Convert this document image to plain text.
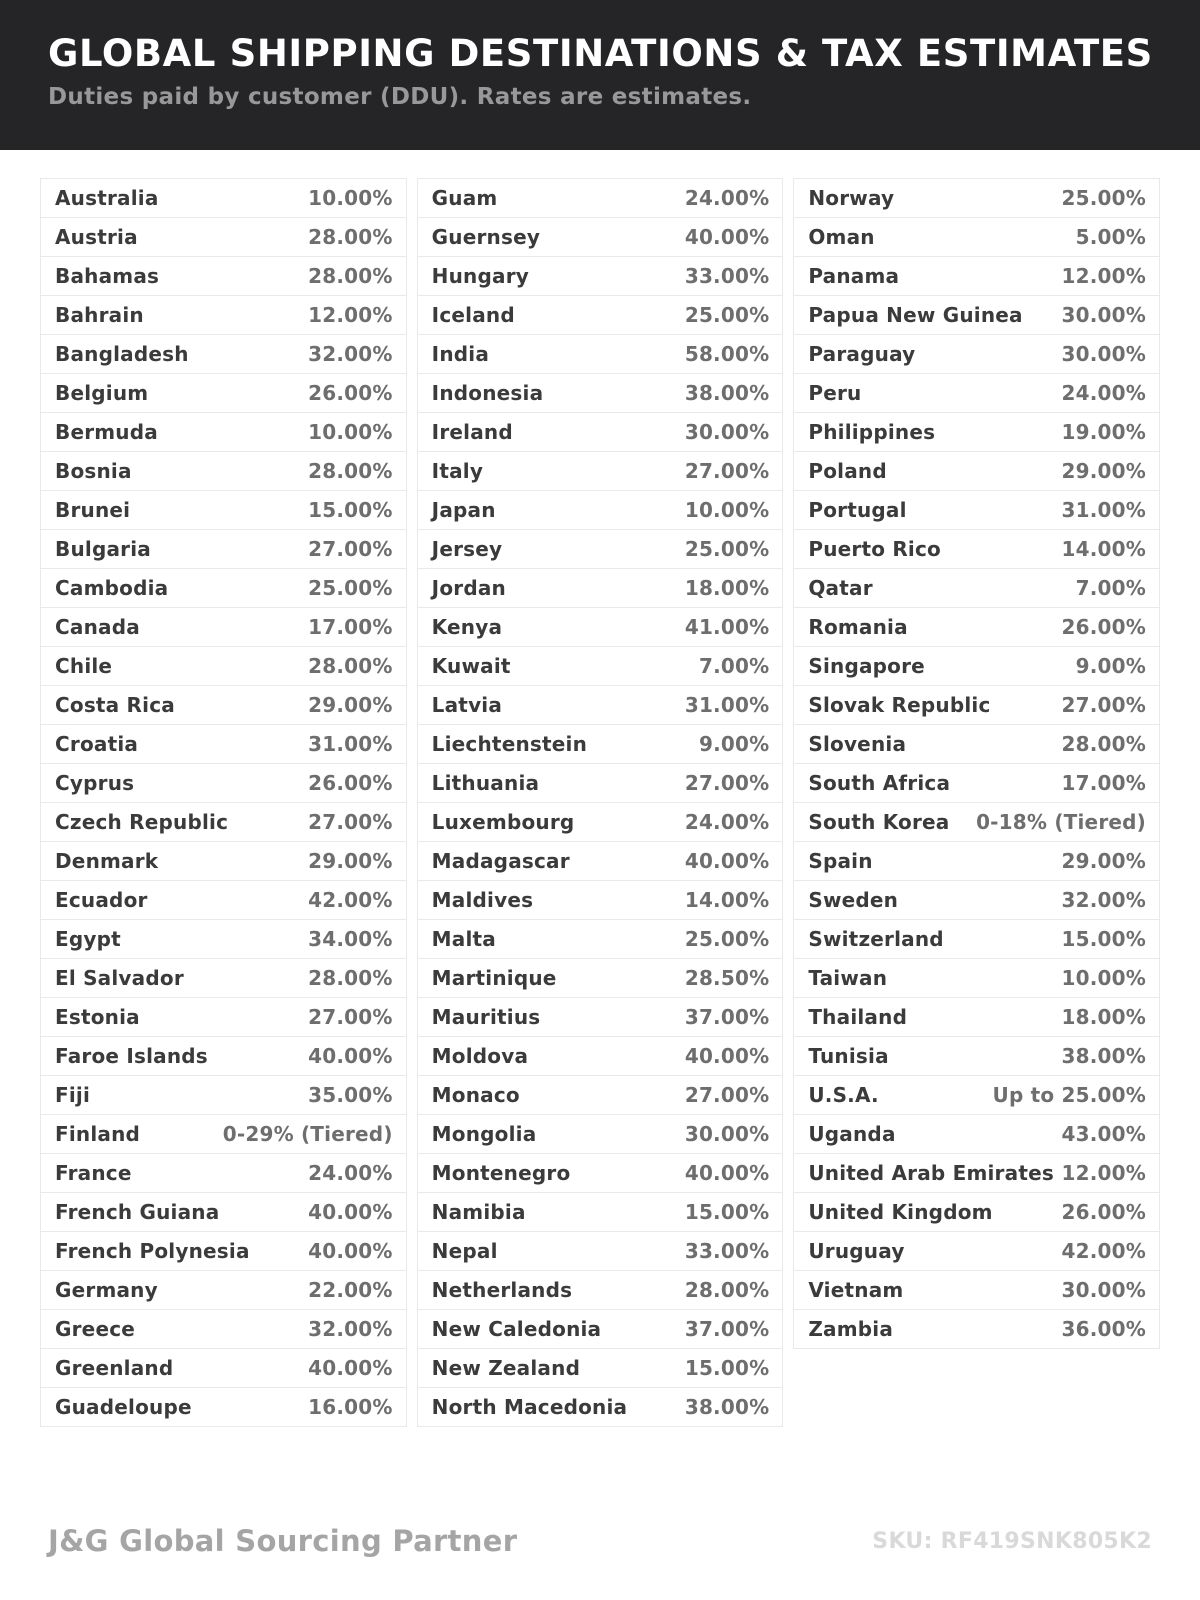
GLOBAL SHIPPING DESTINATIONS & TAX ESTIMATES
Duties paid by customer (DDU). Rates are estimates.
Australia	10.00%
Austria	28.00%
Bahamas	28.00%
Bahrain	12.00%
Bangladesh	32.00%
Belgium	26.00%
Bermuda	10.00%
Bosnia	28.00%
Brunei	15.00%
Bulgaria	27.00%
Cambodia	25.00%
Canada	17.00%
Chile	28.00%
Costa Rica	29.00%
Croatia	31.00%
Cyprus	26.00%
Czech Republic	27.00%
Denmark	29.00%
Ecuador	42.00%
Egypt	34.00%
El Salvador	28.00%
Estonia	27.00%
Faroe Islands	40.00%
Fiji	35.00%
Finland	0-29% (Tiered)
France	24.00%
French Guiana	40.00%
French Polynesia	40.00%
Germany	22.00%
Greece	32.00%
Greenland	40.00%
Guadeloupe	16.00%
Guam	24.00%
Guernsey	40.00%
Hungary	33.00%
Iceland	25.00%
India	58.00%
Indonesia	38.00%
Ireland	30.00%
Italy	27.00%
Japan	10.00%
Jersey	25.00%
Jordan	18.00%
Kenya	41.00%
Kuwait	7.00%
Latvia	31.00%
Liechtenstein	9.00%
Lithuania	27.00%
Luxembourg	24.00%
Madagascar	40.00%
Maldives	14.00%
Malta	25.00%
Martinique	28.50%
Mauritius	37.00%
Moldova	40.00%
Monaco	27.00%
Mongolia	30.00%
Montenegro	40.00%
Namibia	15.00%
Nepal	33.00%
Netherlands	28.00%
New Caledonia	37.00%
New Zealand	15.00%
North Macedonia	38.00%
Norway	25.00%
Oman	5.00%
Panama	12.00%
Papua New Guinea 30.00%
Paraguay	30.00%
Peru	24.00%
Philippines	19.00%
Poland	29.00%
Portugal	31.00%
Puerto Rico	14.00%
Qatar	7.00%
Romania	26.00%
Singapore	9.00%
Slovak Republic	27.00%
Slovenia	28.00%
South Africa	17.00%
South Korea 0-18% (Tiered)
Spain	29.00%
Sweden	32.00%
Switzerland	15.00%
Taiwan	10.00%
Thailand	18.00%
Tunisia	38.00%
U.S.A.	Up to 25.00%
Uganda	43.00%
United Arab Emirates 12.00%
United Kingdom	26.00%
Uruguay	42.00%
Vietnam	30.00%
Zambia	36.00%
J&G Global Sourcing Partner	SKU: RF419SNK805K2
